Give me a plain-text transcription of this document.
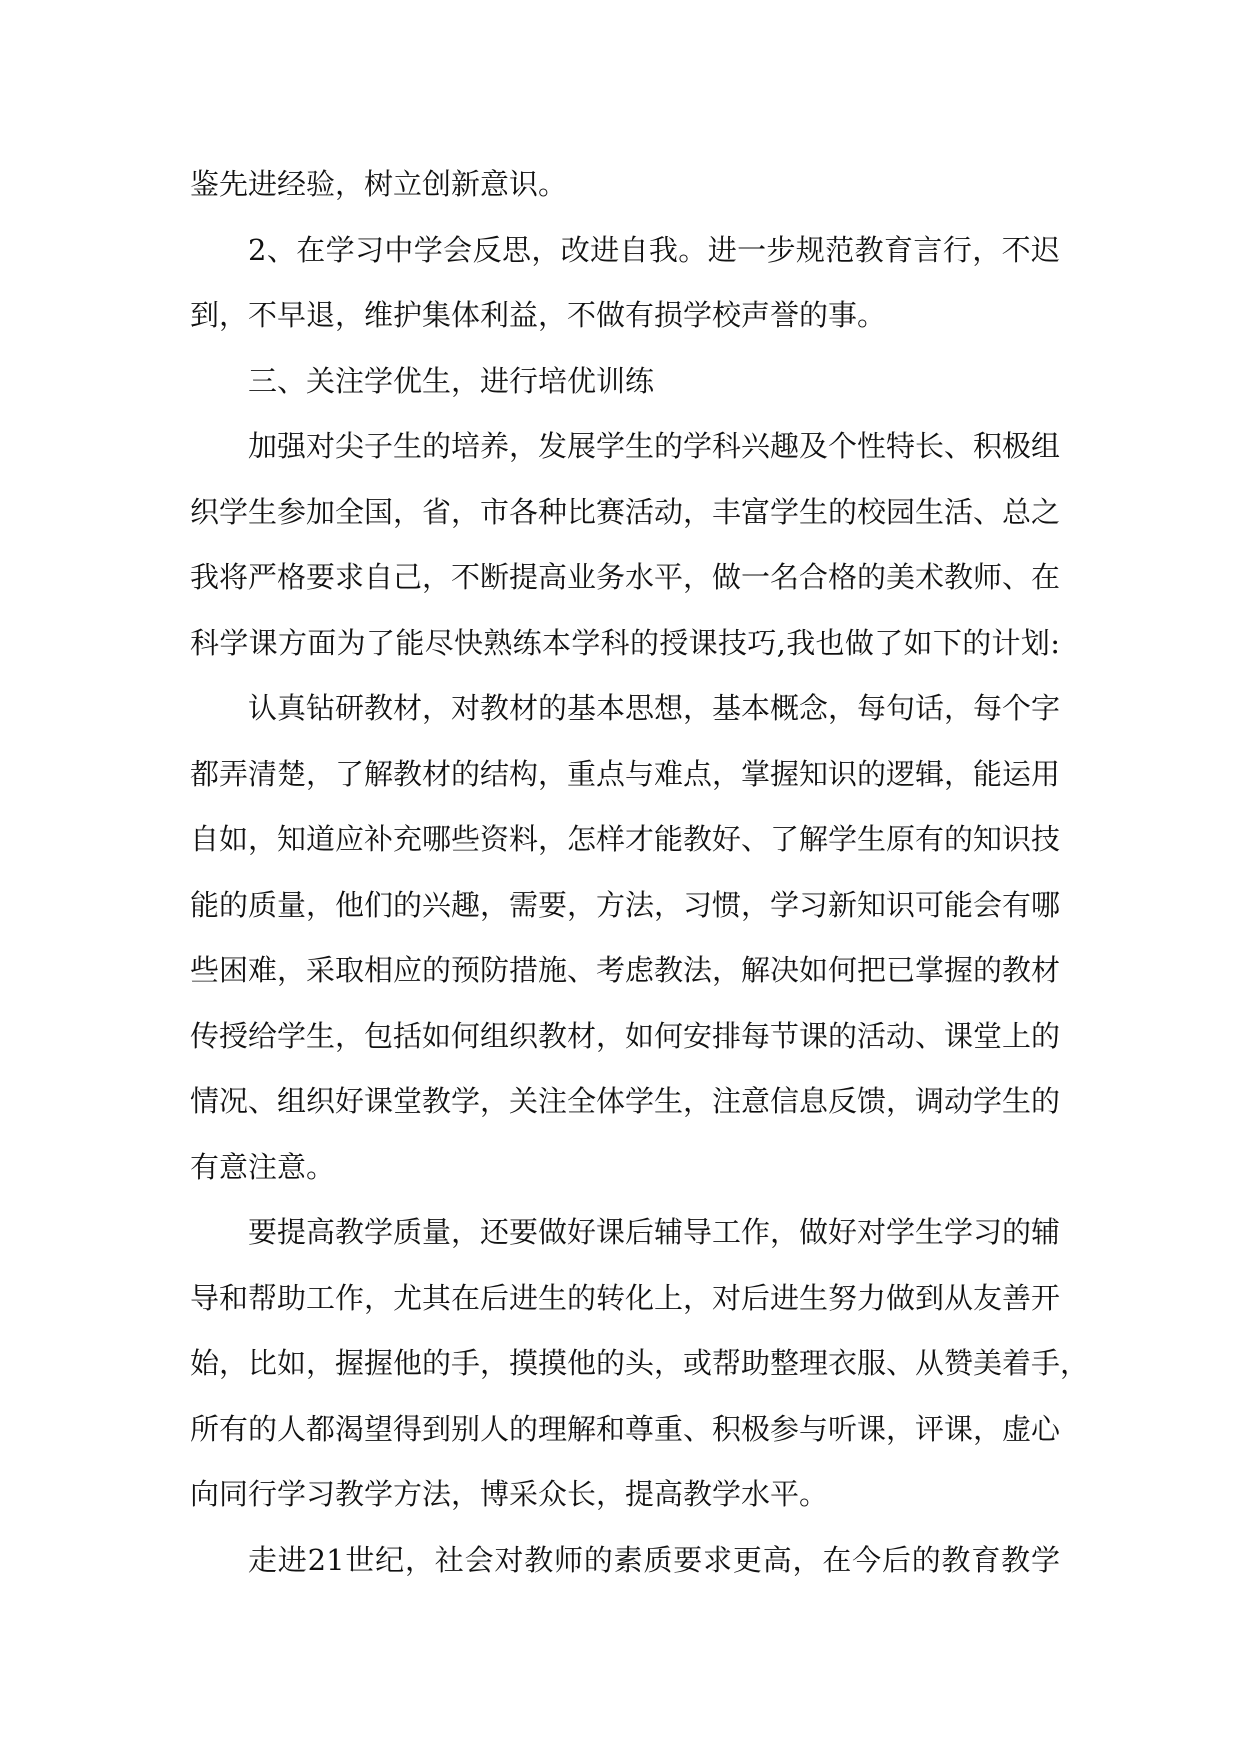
鉴先进经验，树立创新意识。
2、在学习中学会反思，改进自我。进一步规范教育言行，不迟
到，不早退，维护集体利益，不做有损学校声誉的事。
三、关注学优生，进行培优训练
加强对尖子生的培养，发展学生的学科兴趣及个性特长、积极组
织学生参加全国，省，市各种比赛活动，丰富学生的校园生活、总之
我将严格要求自己，不断提高业务水平，做一名合格的美术教师、在
科学课方面为了能尽快熟练本学科的授课技巧,我也做了如下的计划:
认真钻研教材，对教材的基本思想，基本概念，每句话，每个字
都弄清楚，了解教材的结构，重点与难点，掌握知识的逻辑，能运用
自如，知道应补充哪些资料，怎样才能教好、了解学生原有的知识技
能的质量，他们的兴趣，需要，方法，习惯，学习新知识可能会有哪
些困难，采取相应的预防措施、考虑教法，解决如何把已掌握的教材
传授给学生，包括如何组织教材，如何安排每节课的活动、课堂上的
情况、组织好课堂教学，关注全体学生，注意信息反馈，调动学生的
有意注意。
要提高教学质量，还要做好课后辅导工作，做好对学生学习的辅
导和帮助工作，尤其在后进生的转化上，对后进生努力做到从友善开
始，比如，握握他的手，摸摸他的头，或帮助整理衣服、从赞美着手，
所有的人都渴望得到别人的理解和尊重、积极参与听课，评课，虚心
向同行学习教学方法，博采众长，提高教学水平。
走进21世纪，社会对教师的素质要求更高，在今后的教育教学
